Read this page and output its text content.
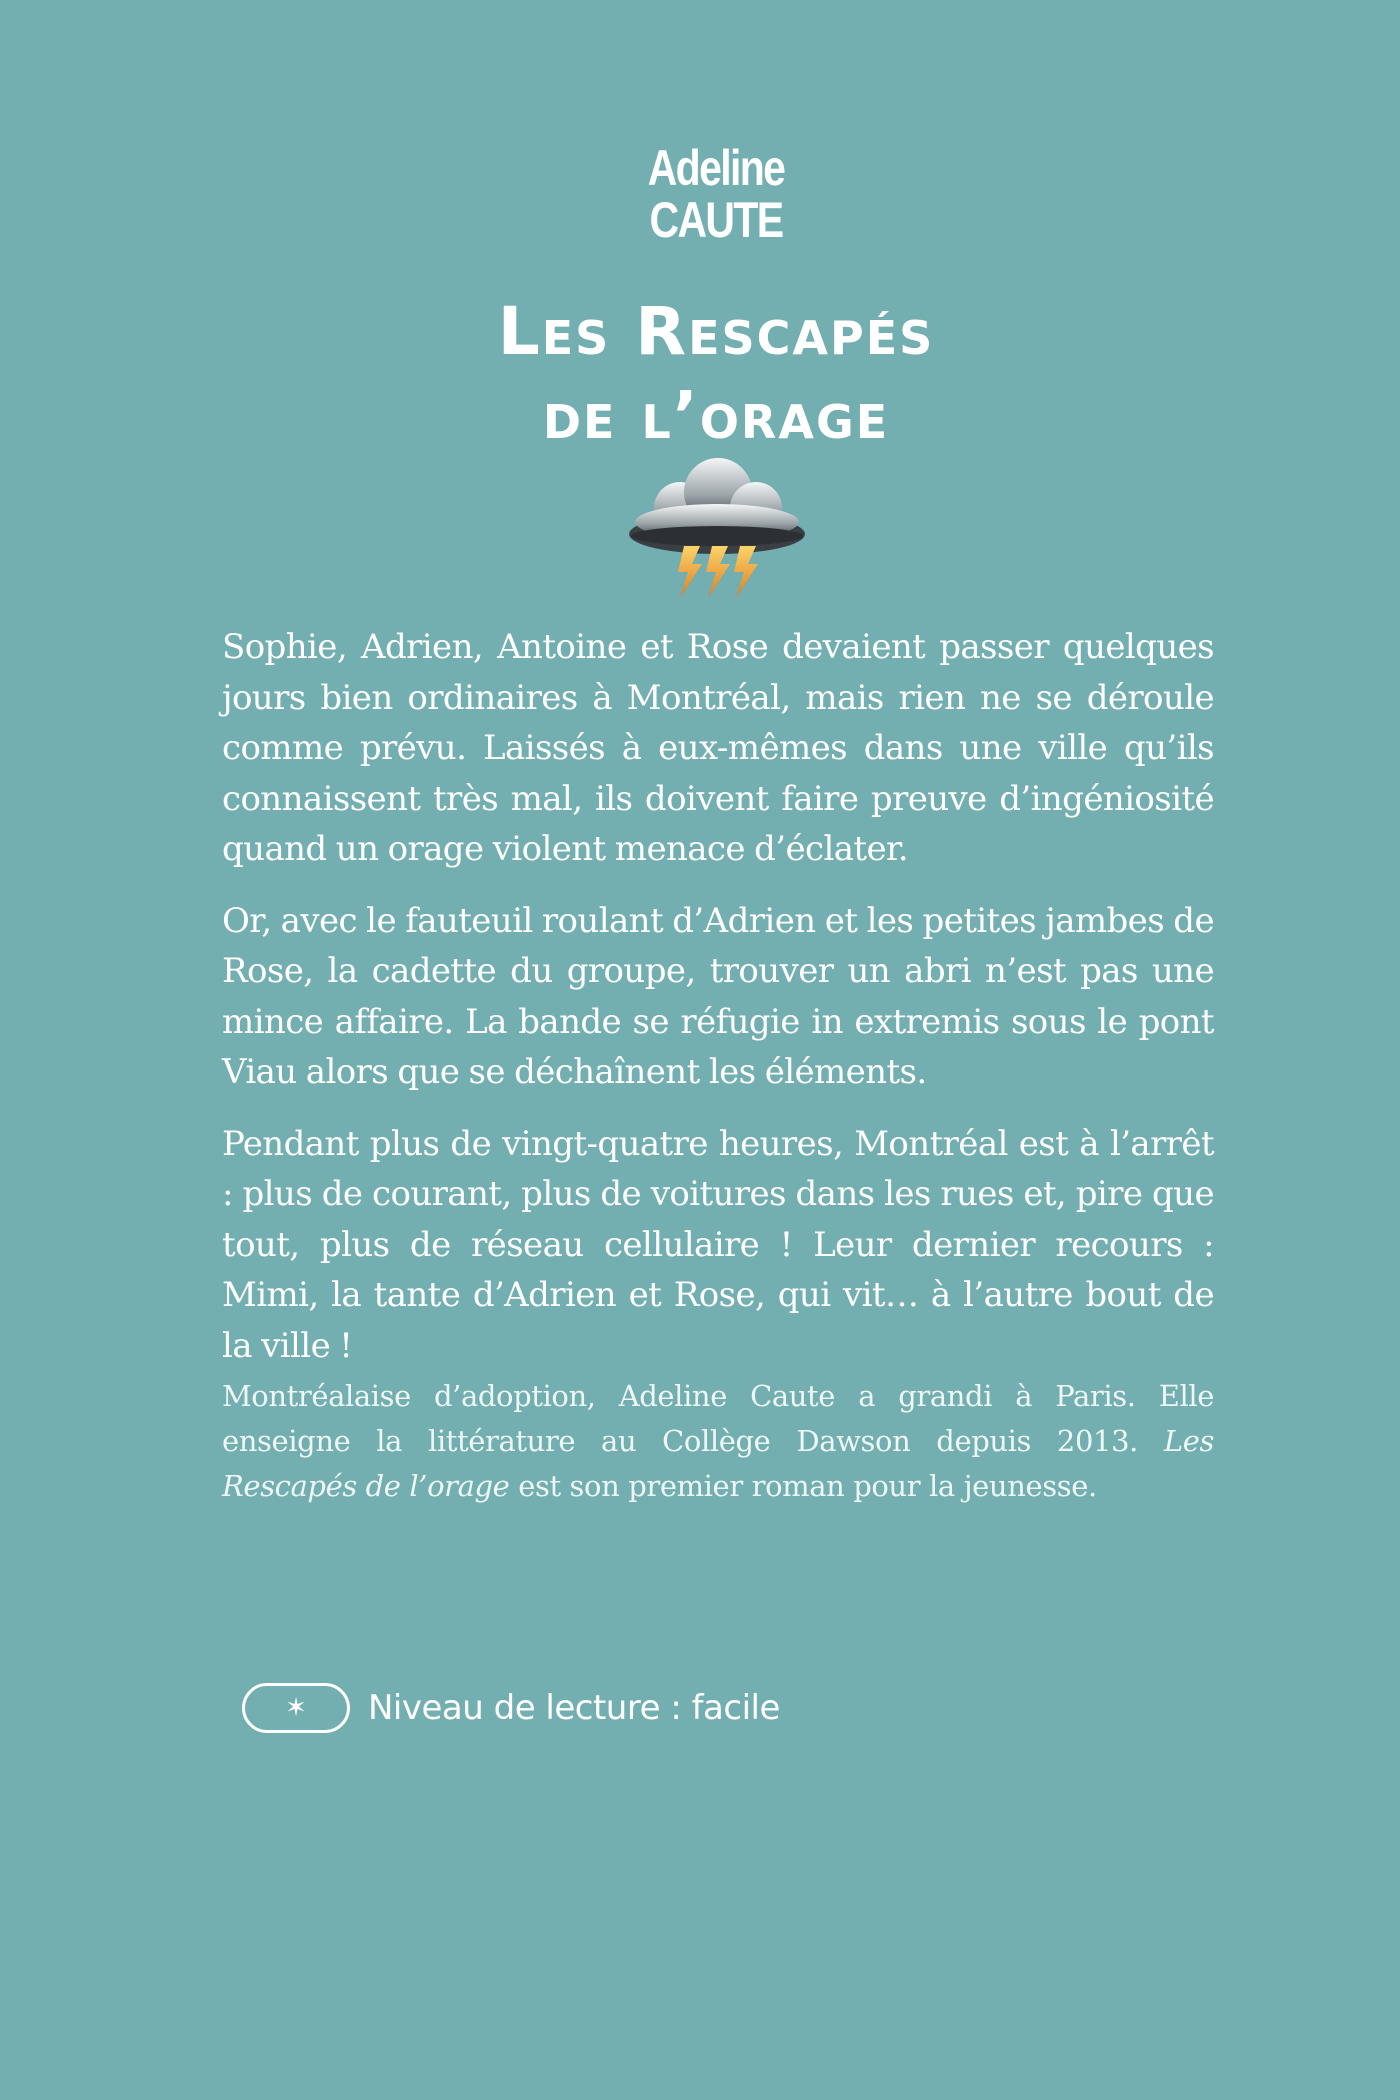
Adeline
CAUTE
Les Rescapés
de l’orage

Sophie, Adrien, Antoine et Rose devaient passer quelques jours bien ordinaires à Montréal, mais rien ne se déroule comme prévu. Laissés à eux-mêmes dans une ville qu’ils connaissent très mal, ils doivent faire preuve d’ingéniosité quand un orage violent menace d’éclater.

Or, avec le fauteuil roulant d’Adrien et les petites jambes de Rose, la cadette du groupe, trouver un abri n’est pas une mince affaire. La bande se réfugie in extremis sous le pont Viau alors que se déchaînent les éléments.

Pendant plus de vingt-quatre heures, Montréal est à l’arrêt : plus de courant, plus de voitures dans les rues et, pire que tout, plus de réseau cellulaire ! Leur dernier recours : Mimi, la tante d’Adrien et Rose, qui vit… à l’autre bout de la ville !

Montréalaise d’adoption, Adeline Caute a grandi à Paris. Elle enseigne la littérature au Collège Dawson depuis 2013. Les Rescapés de l’orage est son premier roman pour la jeunesse.

✶ Niveau de lecture : facile
